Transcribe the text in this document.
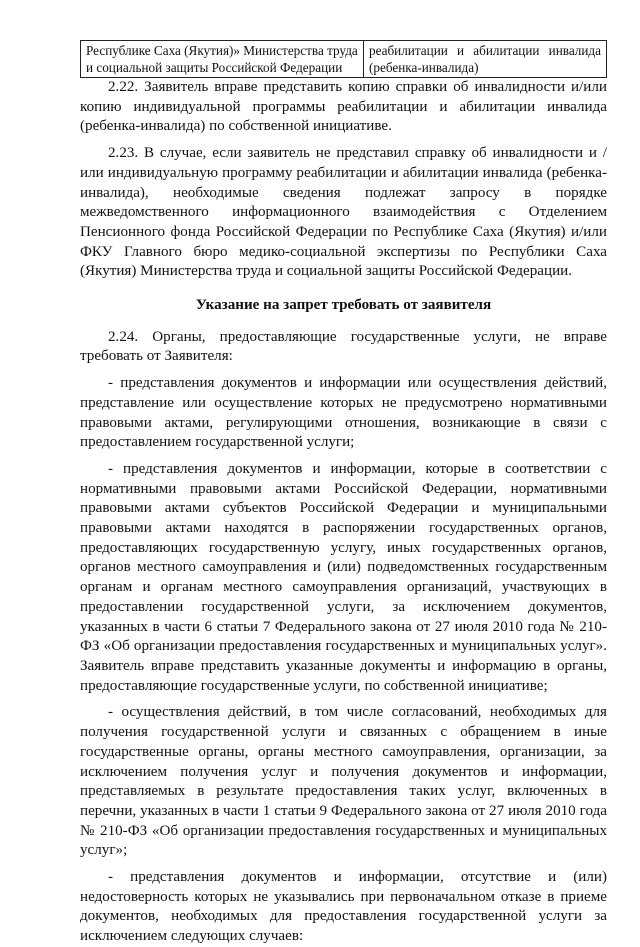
Республике Саха (Якутия)» Министерства труда и социальной защиты Российской Федерации	реабилитации и абилитации инвалида (ребенка-инвалида)

2.22. Заявитель вправе представить копию справки об инвалидности и/или копию индивидуальной программы реабилитации и абилитации инвалида (ребенка-инвалида) по собственной инициативе.

2.23. В случае, если заявитель не представил справку об инвалидности и / или индивидуальную программу реабилитации и абилитации инвалида (ребенка-инвалида), необходимые сведения подлежат запросу в порядке межведомственного информационного взаимодействия с Отделением Пенсионного фонда Российской Федерации по Республике Саха (Якутия) и/или ФКУ Главного бюро медико-социальной экспертизы по Республики Саха (Якутия) Министерства труда и социальной защиты Российской Федерации.

Указание на запрет требовать от заявителя

2.24. Органы, предоставляющие государственные услуги, не вправе требовать от Заявителя:

- представления документов и информации или осуществления действий, представление или осуществление которых не предусмотрено нормативными правовыми актами, регулирующими отношения, возникающие в связи с предоставлением государственной услуги;

- представления документов и информации, которые в соответствии с нормативными правовыми актами Российской Федерации, нормативными правовыми актами субъектов Российской Федерации и муниципальными правовыми актами находятся в распоряжении государственных органов, предоставляющих государственную услугу, иных государственных органов, органов местного самоуправления и (или) подведомственных государственным органам и органам местного самоуправления организаций, участвующих в предоставлении государственной услуги, за исключением документов, указанных в части 6 статьи 7 Федерального закона от 27 июля 2010 года № 210-ФЗ «Об организации предоставления государственных и муниципальных услуг». Заявитель вправе представить указанные документы и информацию в органы, предоставляющие государственные услуги, по собственной инициативе;

- осуществления действий, в том числе согласований, необходимых для получения государственной услуги и связанных с обращением в иные государственные органы, органы местного самоуправления, организации, за исключением получения услуг и получения документов и информации, представляемых в результате предоставления таких услуг, включенных в перечни, указанных в части 1 статьи 9 Федерального закона от 27 июля 2010 года № 210-ФЗ «Об организации предоставления государственных и муниципальных услуг»;

- представления документов и информации, отсутствие и (или) недостоверность которых не указывались при первоначальном отказе в приеме документов, необходимых для предоставления государственной услуги за исключением следующих случаев:
